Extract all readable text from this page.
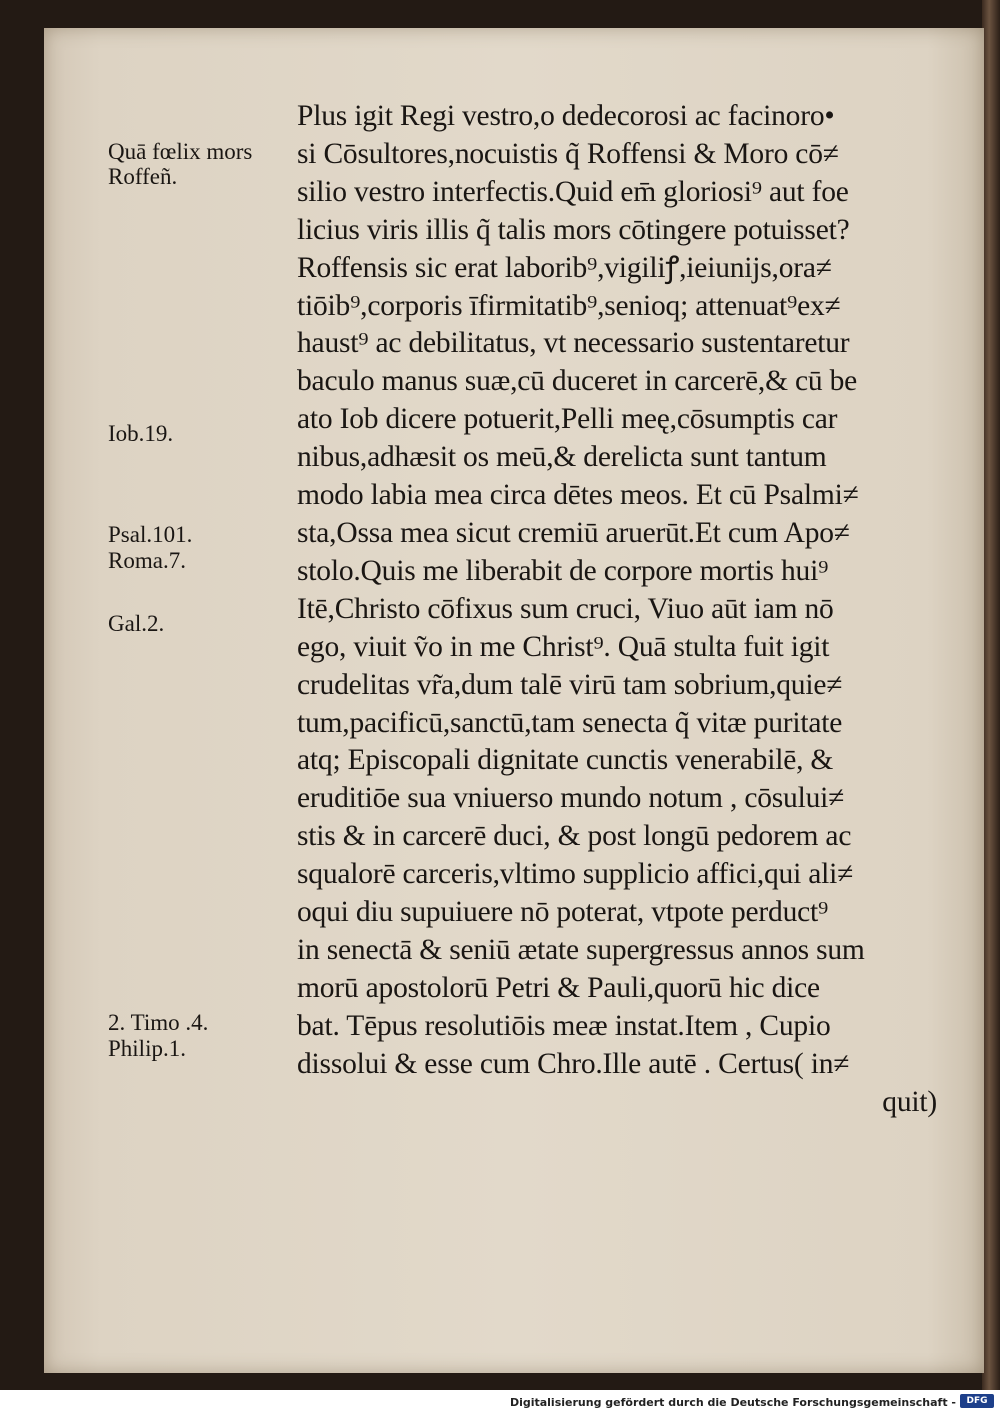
Plus igit Regi vestro,o dedecorosi ac facinoro•
si Cōsultores,nocuistis q̃ Roffensi & Moro cō≠
silio vestro interfectis.Quid em̄ gloriosi⁹ aut foe
licius viris illis q̃ talis mors cōtingere potuisset?
Roffensis sic erat laborib⁹,vigiliꝭ,ieiunijs,ora≠
tiōib⁹,corporis īfirmitatib⁹,senioq; attenuat⁹ex≠
haust⁹ ac debilitatus, vt necessario sustentaretur
baculo manus suæ,cū duceret in carcerē,& cū be
ato Iob dicere potuerit,Pelli meę,cōsumptis car
nibus,adhæsit os meū,& derelicta sunt tantum
modo labia mea circa dētes meos. Et cū Psalmi≠
sta,Ossa mea sicut cremiū aruerūt.Et cum Apo≠
stolo.Quis me liberabit de corpore mortis hui⁹
Itē,Christo cōfixus sum cruci, Viuo aūt iam nō
ego, viuit ṽo in me Christ⁹. Quā stulta fuit igit
crudelitas vr̃a,dum talē virū tam sobrium,quie≠
tum,pacificū,sanctū,tam senecta q̃ vitæ puritate
atq; Episcopali dignitate cunctis venerabilē, &
eruditiōe sua vniuerso mundo notum , cōsului≠
stis & in carcerē duci, & post longū pedorem ac
squalorē carceris,vltimo supplicio affici,qui ali≠
oqui diu supuiuere nō poterat, vtpote perduct⁹
in senectā & seniū ætate supergressus annos sum
morū apostolorū Petri & Pauli,quorū hic dice
bat. Tēpus resolutiōis meæ instat.Item , Cupio
dissolui & esse cum Chro.Ille autē . Certus( in≠
quit)
Quā fœlix mors
Roffeñ.
Iob.19.
Psal.101.
Roma.7.
Gal.2.
2. Timo .4.
Philip.1.
Digitalisierung gefördert durch die Deutsche Forschungsgemeinschaft -	DFG
